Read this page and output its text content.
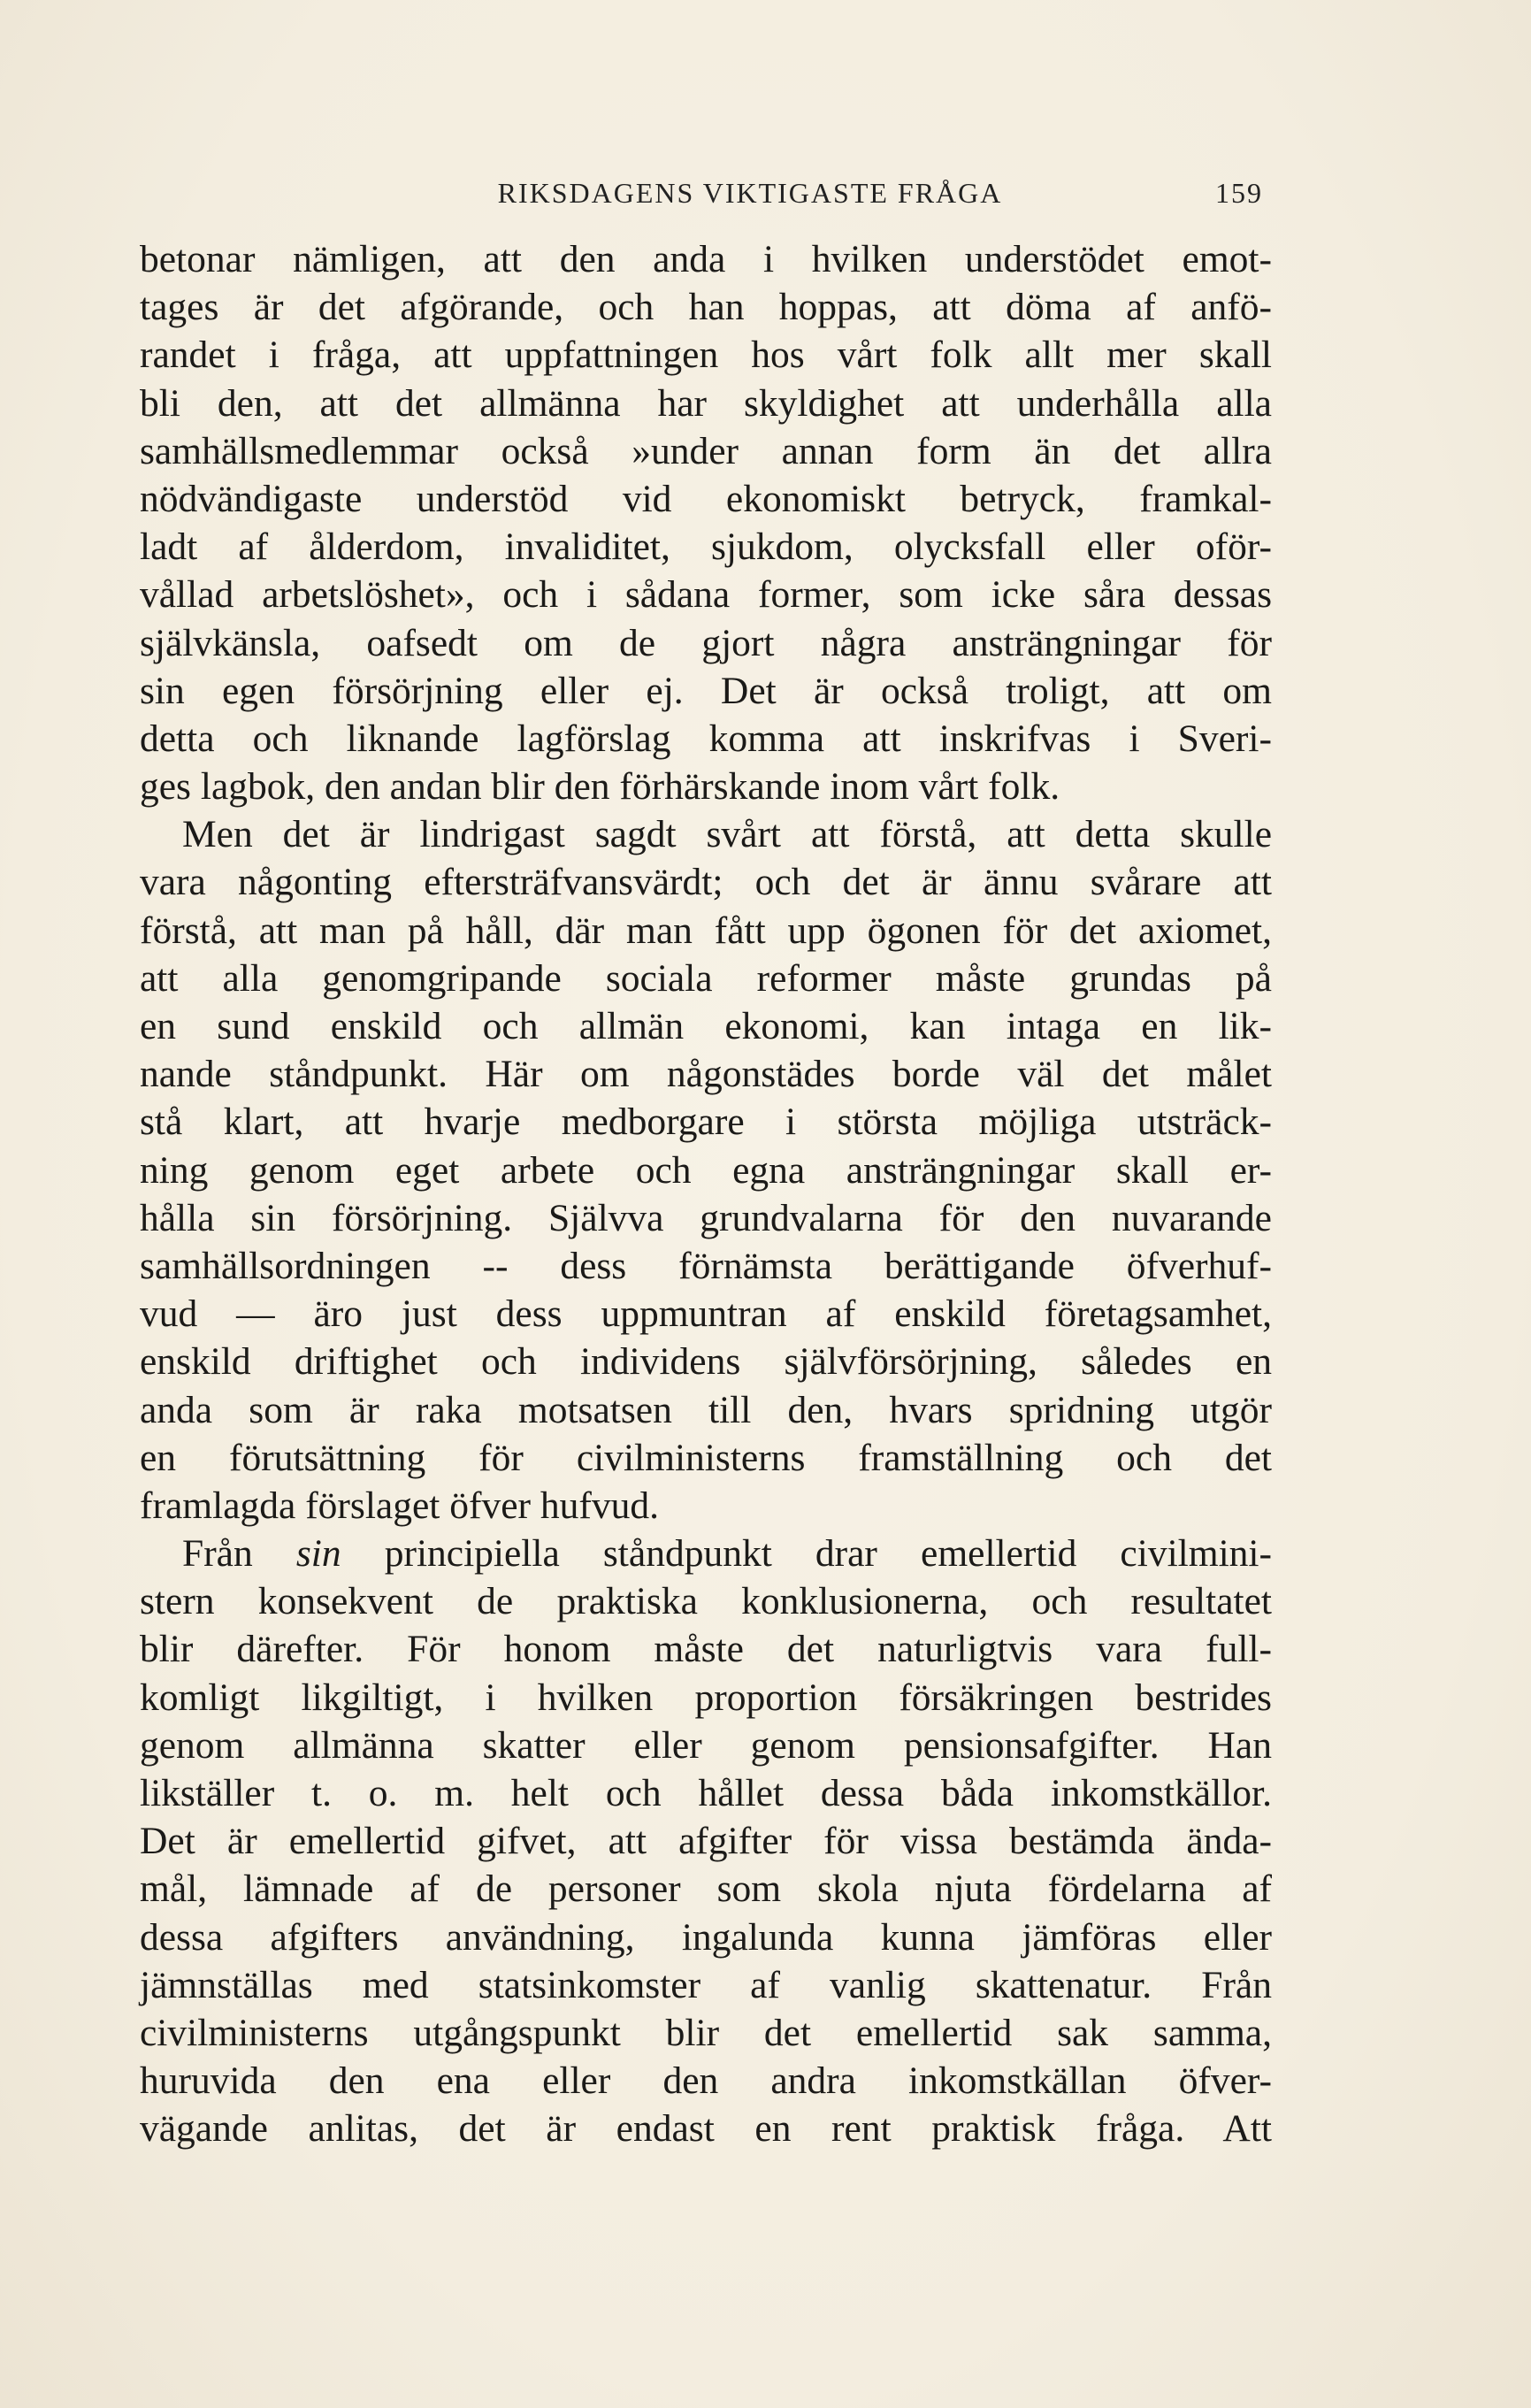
RIKSDAGENS VIKTIGASTE FRÅGA	159
betonar nämligen, att den anda i hvilken understödet emot-
tages är det afgörande, och han hoppas, att döma af anfö-
randet i fråga, att uppfattningen hos vårt folk allt mer skall
bli den, att det allmänna har skyldighet att underhålla alla
samhällsmedlemmar också »under annan form än det allra
nödvändigaste understöd vid ekonomiskt betryck, framkal-
ladt af ålderdom, invaliditet, sjukdom, olycksfall eller oför-
vållad arbetslöshet», och i sådana former, som icke såra dessas
självkänsla, oafsedt om de gjort några ansträngningar för
sin egen försörjning eller ej. Det är också troligt, att om
detta och liknande lagförslag komma att inskrifvas i Sveri-
ges lagbok, den andan blir den förhärskande inom vårt folk.
Men det är lindrigast sagdt svårt att förstå, att detta skulle
vara någonting eftersträfvansvärdt; och det är ännu svårare att
förstå, att man på håll, där man fått upp ögonen för det axiomet,
att alla genomgripande sociala reformer måste grundas på
en sund enskild och allmän ekonomi, kan intaga en lik-
nande ståndpunkt. Här om någonstädes borde väl det målet
stå klart, att hvarje medborgare i största möjliga utsträck-
ning genom eget arbete och egna ansträngningar skall er-
hålla sin försörjning. Självva grundvalarna för den nuvarande
samhällsordningen -- dess förnämsta berättigande öfverhuf-
vud — äro just dess uppmuntran af enskild företagsamhet,
enskild driftighet och individens självförsörjning, således en
anda som är raka motsatsen till den, hvars spridning utgör
en förutsättning för civilministerns framställning och det
framlagda förslaget öfver hufvud.
Från sin principiella ståndpunkt drar emellertid civilmini-
stern konsekvent de praktiska konklusionerna, och resultatet
blir därefter. För honom måste det naturligtvis vara full-
komligt likgiltigt, i hvilken proportion försäkringen bestrides
genom allmänna skatter eller genom pensionsafgifter. Han
likställer t. o. m. helt och hållet dessa båda inkomstkällor.
Det är emellertid gifvet, att afgifter för vissa bestämda ända-
mål, lämnade af de personer som skola njuta fördelarna af
dessa afgifters användning, ingalunda kunna jämföras eller
jämnställas med statsinkomster af vanlig skattenatur. Från
civilministerns utgångspunkt blir det emellertid sak samma,
huruvida den ena eller den andra inkomstkällan öfver-
vägande anlitas, det är endast en rent praktisk fråga. Att
